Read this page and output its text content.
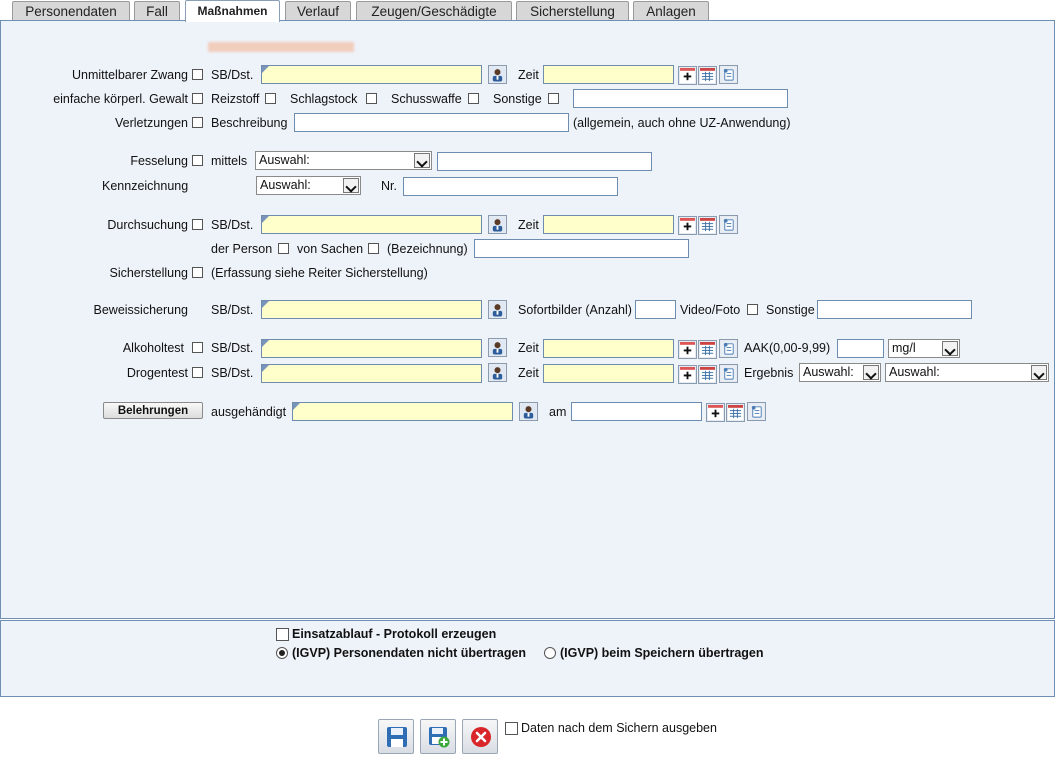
Personendaten	Fall	Maßnahmen	Verlauf	Zeugen/Geschädigte	Sicherstellung	Anlagen
Unmittelbarer Zwang SB/Dst.	Zeit
einfache körperl. Gewalt Reizstoff Schlagstock	Schusswaffe	Sonstige
Verletzungen Beschreibung	(allgemein, auch ohne UZ-Anwendung)
Fesselung mittels Auswahl:
Kennzeichnung	Auswahl:	Nr.
Durchsuchung SB/Dst.	Zeit
der Person von Sachen (Bezeichnung)
Sicherstellung (Erfassung siehe Reiter Sicherstellung)
Beweissicherung SB/Dst.	Sofortbilder (Anzahl)	Video/Foto Sonstige
Alkoholtest SB/Dst.	Zeit	AAK(0,00-9,99)	mg/l
Drogentest SB/Dst.	Zeit	Ergebnis Auswahl:	Auswahl:
Belehrungen	ausgehändigt	am
Einsatzablauf - Protokoll erzeugen
(IGVP) Personendaten nicht übertragen	(IGVP) beim Speichern übertragen
Daten nach dem Sichern ausgeben
